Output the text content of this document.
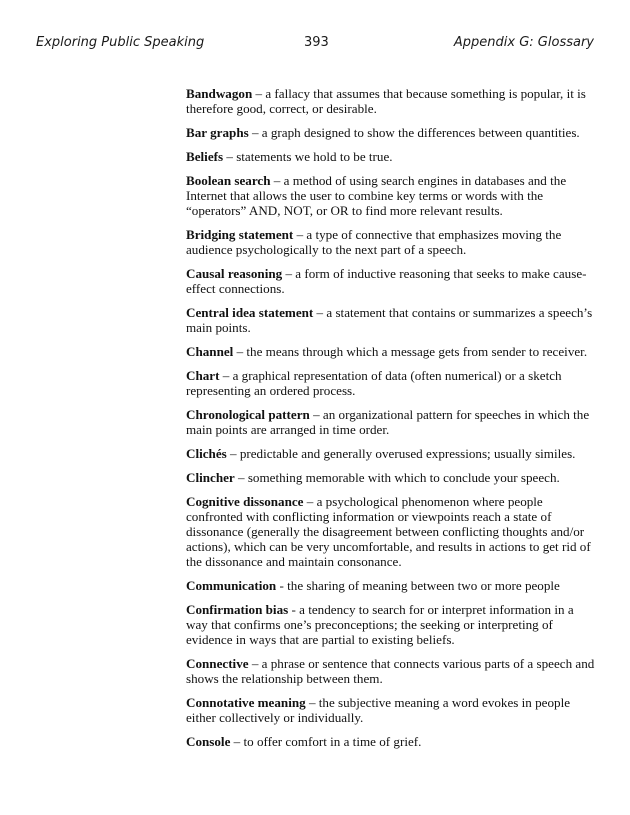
Exploring Public Speaking	393	Appendix G: Glossary

Bandwagon – a fallacy that assumes that because something is popular, it is therefore good, correct, or desirable.

Bar graphs – a graph designed to show the differences between quantities.

Beliefs – statements we hold to be true.

Boolean search – a method of using search engines in databases and the Internet that allows the user to combine key terms or words with the “operators” AND, NOT, or OR to find more relevant results.

Bridging statement – a type of connective that emphasizes moving the audience psychologically to the next part of a speech.

Causal reasoning – a form of inductive reasoning that seeks to make cause-effect connections.

Central idea statement – a statement that contains or summarizes a speech’s main points.

Channel – the means through which a message gets from sender to receiver.

Chart – a graphical representation of data (often numerical) or a sketch representing an ordered process.

Chronological pattern – an organizational pattern for speeches in which the main points are arranged in time order.

Clichés – predictable and generally overused expressions; usually similes.

Clincher – something memorable with which to conclude your speech.

Cognitive dissonance – a psychological phenomenon where people confronted with conflicting information or viewpoints reach a state of dissonance (generally the disagreement between conflicting thoughts and/or actions), which can be very uncomfortable, and results in actions to get rid of the dissonance and maintain consonance.

Communication - the sharing of meaning between two or more people

Confirmation bias - a tendency to search for or interpret information in a way that confirms one’s preconceptions; the seeking or interpreting of evidence in ways that are partial to existing beliefs.

Connective – a phrase or sentence that connects various parts of a speech and shows the relationship between them.

Connotative meaning – the subjective meaning a word evokes in people either collectively or individually.

Console – to offer comfort in a time of grief.
